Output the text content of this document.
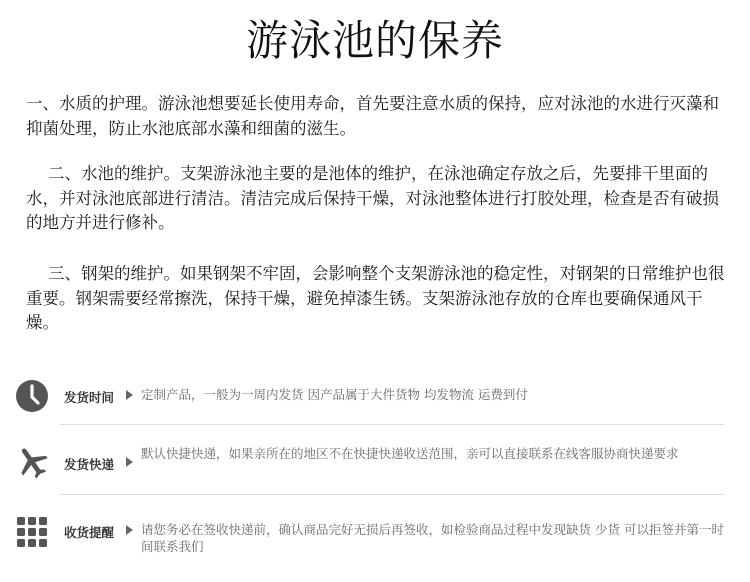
游泳池的保养

一、水质的护理。游泳池想要延长使用寿命，首先要注意水质的保持，应对泳池的水进行灭藻和抑菌处理，防止水池底部水藻和细菌的滋生。

二、水池的维护。支架游泳池主要的是池体的维护，在泳池确定存放之后，先要排干里面的水，并对泳池底部进行清洁。清洁完成后保持干燥，对泳池整体进行打胶处理，检查是否有破损的地方并进行修补。

三、钢架的维护。如果钢架不牢固，会影响整个支架游泳池的稳定性，对钢架的日常维护也很重要。钢架需要经常擦洗，保持干燥，避免掉漆生锈。支架游泳池存放的仓库也要确保通风干燥。

发货时间 定制产品，一般为一周内发货 因产品属于大件货物 均发物流 运费到付
发货快递
默认快捷快递，如果亲所在的地区不在快捷快递收送范围，亲可以直接联系在线客服协商快递要求
收货提醒 请您务必在签收快递前，确认商品完好无损后再签收，如检验商品过程中发现缺货 少货 可以拒签并第一时间联系我们
